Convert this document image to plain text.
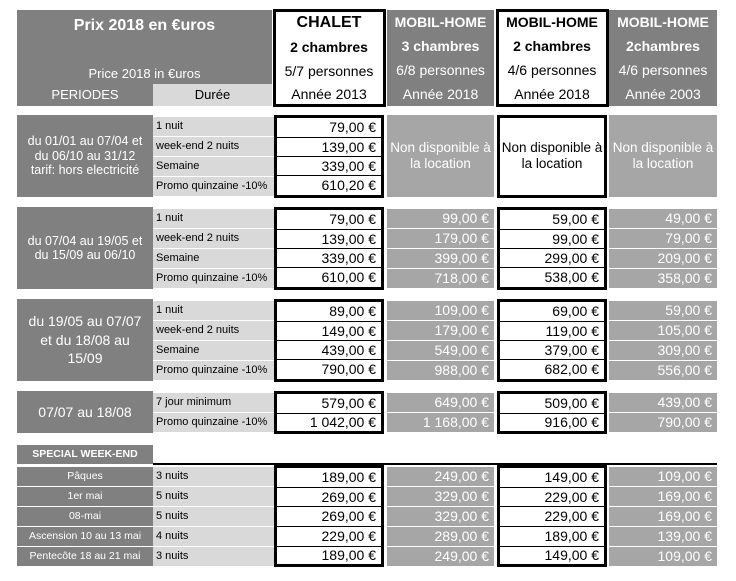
Prix 2018 en €uros
Price 2018 in €uros
PERIODES	Durée
CHALET
2 chambres
5/7 personnes
Année 2013
MOBIL-HOME
3 chambres
6/8 personnes
Année 2018
MOBIL-HOME
2 chambres
4/6 personnes
Année 2018
MOBIL-HOME
2chambres
4/6 personnes
Année 2003
du 01/01 au 07/04 et
du 06/10 au 31/12
tarif: hors electricité
1 nuit
week-end 2 nuits
Semaine
Promo quinzaine -10%
79,00 €
139,00 €
339,00 €
610,20 €
Non disponible à
la location
Non disponible à
la location
Non disponible à
la location
du 07/04 au 19/05 et
du 15/09 au 06/10
1 nuit
week-end 2 nuits
Semaine
Promo quinzaine -10%
79,00 €
139,00 €
339,00 €
610,00 €
99,00 €
179,00 €
399,00 €
718,00 €
59,00 €
99,00 €
299,00 €
538,00 €
49,00 €
79,00 €
209,00 €
358,00 €
du 19/05 au 07/07
et du 18/08 au
15/09
1 nuit
week-end 2 nuits
Semaine
Promo quinzaine -10%
89,00 €
149,00 €
439,00 €
790,00 €
109,00 €
179,00 €
549,00 €
988,00 €
69,00 €
119,00 €
379,00 €
682,00 €
59,00 €
105,00 €
309,00 €
556,00 €
07/07 au 18/08
7 jour minimum
Promo quinzaine -10%
579,00 €
1 042,00 €
649,00 €
1 168,00 €
509,00 €
916,00 €
439,00 €
790,00 €
SPECIAL WEEK-END
Pâques
1er mai
08-mai
Ascension 10 au 13 mai
Pentecôte 18 au 21 mai
3 nuits
5 nuits
5 nuits
4 nuits
3 nuits
189,00 €
269,00 €
269,00 €
229,00 €
189,00 €
249,00 €
329,00 €
329,00 €
289,00 €
249,00 €
149,00 €
229,00 €
229,00 €
189,00 €
149,00 €
109,00 €
169,00 €
169,00 €
139,00 €
109,00 €
